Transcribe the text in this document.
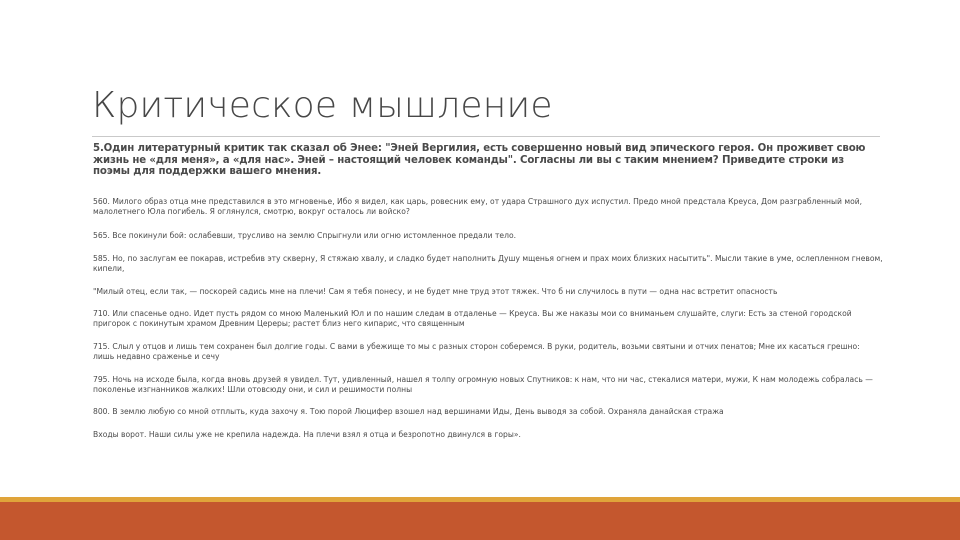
Критическое мышление
5.Один литературный критик так сказал об Энее: "Эней Вергилия, есть совершенно новый вид эпического героя. Он проживет свою жизнь не «для меня», а «для нас». Эней – настоящий человек команды". Согласны ли вы с таким мнением? Приведите строки из поэмы для поддержки вашего мнения.
560. Милого образ отца мне представился в это мгновенье, Ибо я видел, как царь, ровесник ему, от удара Страшного дух испустил. Предо мной предстала Креуса, Дом разграбленный мой, малолетнего Юла погибель. Я оглянулся, смотрю, вокруг осталось ли войско?
565. Все покинули бой: ослабевши, трусливо на землю Спрыгнули или огню истомленное предали тело.
585. Но, по заслугам ее покарав, истребив эту скверну, Я стяжаю хвалу, и сладко будет наполнить Душу мщенья огнем и прах моих близких насытить". Мысли такие в уме, ослепленном гневом, кипели,
"Милый отец, если так, — поскорей садись мне на плечи! Сам я тебя понесу, и не будет мне труд этот тяжек. Что б ни случилось в пути — одна нас встретит опасность
710. Или спасенье одно. Идет пусть рядом со мною Маленький Юл и по нашим следам в отдаленье — Креуса. Вы же наказы мои со вниманьем слушайте, слуги: Есть за стеной городской пригорок с покинутым храмом Древним Цереры; растет близ него кипарис, что священным
715. Слыл у отцов и лишь тем сохранен был долгие годы. С вами в убежище то мы с разных сторон соберемся. В руки, родитель, возьми святыни и отчих пенатов; Мне их касаться грешно: лишь недавно сраженье и сечу
795. Ночь на исходе была, когда вновь друзей я увидел. Тут, удивленный, нашел я толпу огромную новых Спутников: к нам, что ни час, стекалися матери, мужи, К нам молодежь собралась — поколенье изгнанников жалких! Шли отовсюду они, и сил и решимости полны
800. В землю любую со мной отплыть, куда захочу я. Тою порой Люцифер взошел над вершинами Иды, День выводя за собой. Охраняла данайская стража
Входы ворот. Наши силы уже не крепила надежда. На плечи взял я отца и безропотно двинулся в горы».
